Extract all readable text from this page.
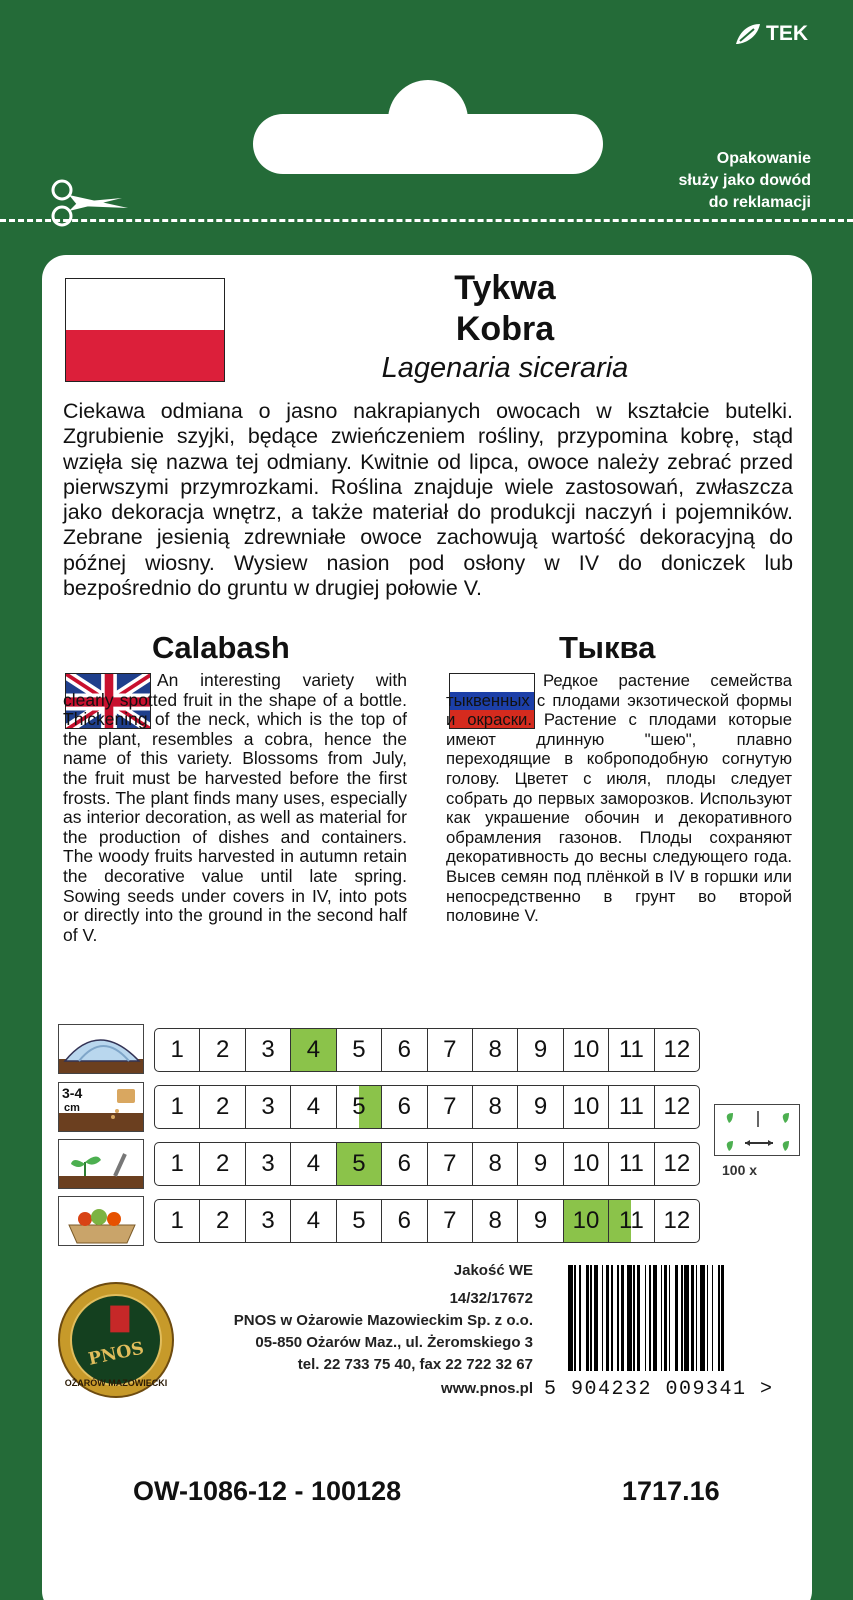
TEK
Opakowanie
służy jako dowód
do reklamacji
Tykwa
Kobra
Lagenaria siceraria
Ciekawa odmiana o jasno nakrapianych owocach w kształcie butelki. Zgrubienie szyjki, będące zwieńczeniem rośliny, przypomina kobrę, stąd wzięła się nazwa tej odmiany. Kwitnie od lipca, owoce należy zebrać przed pierwszymi przymrozkami. Roślina znajduje wiele zastosowań, zwłaszcza jako dekoracja wnętrz, a także materiał do produkcji naczyń i pojemników. Zebrane jesienią zdrewniałe owoce zachowują wartość dekoracyjną do późnej wiosny. Wysiew nasion pod osłony w IV do doniczek lub bezpośrednio do gruntu w drugiej połowie V.
Calabash	Тыква
An interesting variety with clearly spotted fruit in the shape of a bottle. Thickening of the neck, which is the top of the plant, resembles a cobra, hence the name of this variety. Blossoms from July, the fruit must be harvested before the first frosts. The plant finds many uses, especially as interior decoration, as well as material for the production of dishes and containers. The woody fruits harvested in autumn retain the decorative value until late spring. Sowing seeds under covers in IV, into pots or directly into the ground in the second half of V.
Редкое растение семейства тыквенных с плодами экзотической формы и окраски. Растение с плодами которые имеют длинную "шею", плавно переходящие в коброподобную согнутую голову. Цветет с июля, плоды следует собрать до первых заморозков. Используют как украшение обочин и декоративного обрамления газонов. Плоды сохраняют декоративность до весны следующего года. Высев семян под плёнкой в IV в горшки или непосредственно в грунт во второй половине V.
3-4
cm
1 2 3 4 5 6 7 8 9 10 11 12
1 2 3 4 5 6 7 8 9 10 11 12
1 2 3 4 5 6 7 8 9 10 11 12
1 2 3 4 5 6 7 8 9 10 11 12
100 x
PNOS
OŻARÓW MAZOWIECKI
Jakość WE
14/32/17672
PNOS w Ożarowie Mazowieckim Sp. z o.o.
05-850 Ożarów Maz., ul. Żeromskiego 3
tel. 22 733 75 40, fax 22 722 32 67
www.pnos.pl 5 904232 009341 >
OW-1086-12 - 100128	1717.16
